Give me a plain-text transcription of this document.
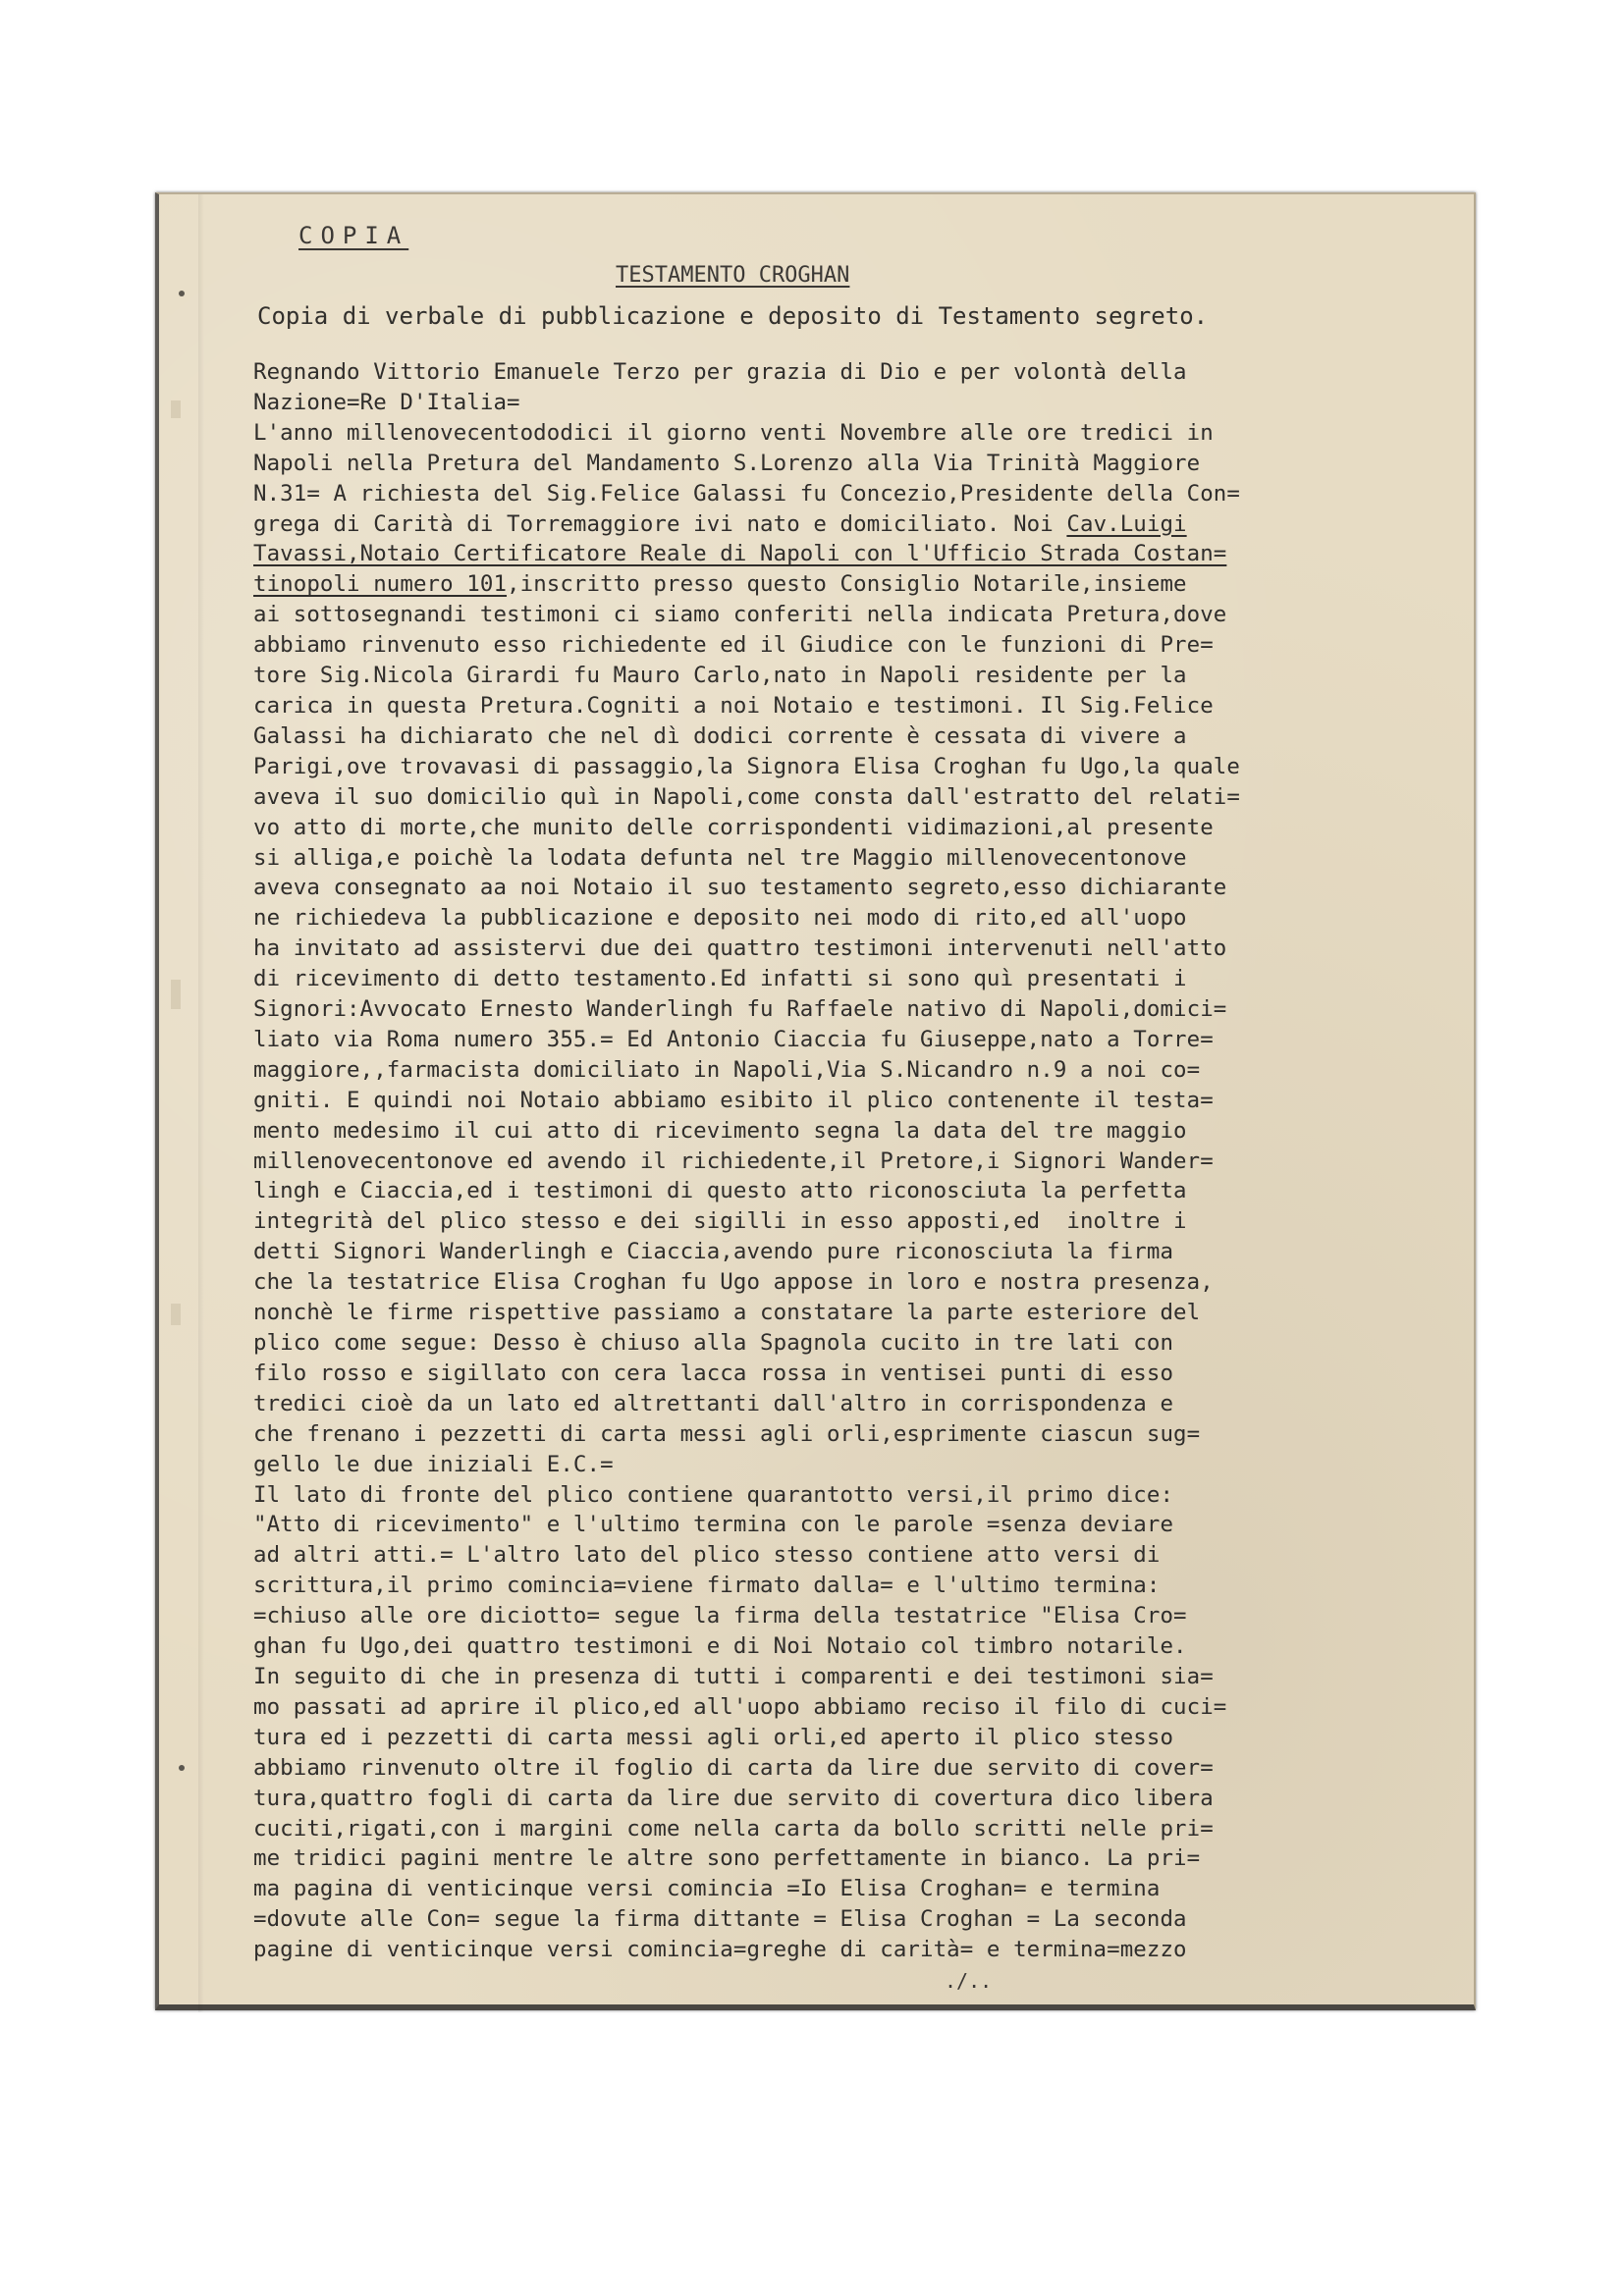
COPIA
TESTAMENTO CROGHAN

Copia di verbale di pubblicazione e deposito di Testamento segreto.

Regnando Vittorio Emanuele Terzo per grazia di Dio e per volontà della
Nazione=Re D'Italia=
L'anno millenovecentododici il giorno venti Novembre alle ore tredici in
Napoli nella Pretura del Mandamento S.Lorenzo alla Via Trinità Maggiore
N.31= A richiesta del Sig.Felice Galassi fu Concezio,Presidente della Con=
grega di Carità di Torremaggiore ivi nato e domiciliato. Noi Cav.Luigi
Tavassi,Notaio Certificatore Reale di Napoli con l'Ufficio Strada Costan=
tinopoli numero 101,inscritto presso questo Consiglio Notarile,insieme
ai sottosegnandi testimoni ci siamo conferiti nella indicata Pretura,dove
abbiamo rinvenuto esso richiedente ed il Giudice con le funzioni di Pre=
tore Sig.Nicola Girardi fu Mauro Carlo,nato in Napoli residente per la
carica in questa Pretura.Cogniti a noi Notaio e testimoni. Il Sig.Felice
Galassi ha dichiarato che nel dì dodici corrente è cessata di vivere a
Parigi,ove trovavasi di passaggio,la Signora Elisa Croghan fu Ugo,la quale
aveva il suo domicilio quì in Napoli,come consta dall'estratto del relati=
vo atto di morte,che munito delle corrispondenti vidimazioni,al presente
si alliga,e poichè la lodata defunta nel tre Maggio millenovecentonove
aveva consegnato aa noi Notaio il suo testamento segreto,esso dichiarante
ne richiedeva la pubblicazione e deposito nei modo di rito,ed all'uopo
ha invitato ad assistervi due dei quattro testimoni intervenuti nell'atto
di ricevimento di detto testamento.Ed infatti si sono quì presentati i
Signori:Avvocato Ernesto Wanderlingh fu Raffaele nativo di Napoli,domici=
liato via Roma numero 355.= Ed Antonio Ciaccia fu Giuseppe,nato a Torre=
maggiore,,farmacista domiciliato in Napoli,Via S.Nicandro n.9 a noi co=
gniti. E quindi noi Notaio abbiamo esibito il plico contenente il testa=
mento medesimo il cui atto di ricevimento segna la data del tre maggio
millenovecentonove ed avendo il richiedente,il Pretore,i Signori Wander=
lingh e Ciaccia,ed i testimoni di questo atto riconosciuta la perfetta
integrità del plico stesso e dei sigilli in esso apposti,ed  inoltre i
detti Signori Wanderlingh e Ciaccia,avendo pure riconosciuta la firma
che la testatrice Elisa Croghan fu Ugo appose in loro e nostra presenza,
nonchè le firme rispettive passiamo a constatare la parte esteriore del
plico come segue: Desso è chiuso alla Spagnola cucito in tre lati con
filo rosso e sigillato con cera lacca rossa in ventisei punti di esso
tredici cioè da un lato ed altrettanti dall'altro in corrispondenza e
che frenano i pezzetti di carta messi agli orli,esprimente ciascun sug=
gello le due iniziali E.C.=
Il lato di fronte del plico contiene quarantotto versi,il primo dice:
"Atto di ricevimento" e l'ultimo termina con le parole =senza deviare
ad altri atti.= L'altro lato del plico stesso contiene atto versi di
scrittura,il primo comincia=viene firmato dalla= e l'ultimo termina:
=chiuso alle ore diciotto= segue la firma della testatrice "Elisa Cro=
ghan fu Ugo,dei quattro testimoni e di Noi Notaio col timbro notarile.
In seguito di che in presenza di tutti i comparenti e dei testimoni sia=
mo passati ad aprire il plico,ed all'uopo abbiamo reciso il filo di cuci=
tura ed i pezzetti di carta messi agli orli,ed aperto il plico stesso
abbiamo rinvenuto oltre il foglio di carta da lire due servito di cover=
tura,quattro fogli di carta da lire due servito di covertura dico libera
cuciti,rigati,con i margini come nella carta da bollo scritti nelle pri=
me tridici pagini mentre le altre sono perfettamente in bianco. La pri=
ma pagina di venticinque versi comincia =Io Elisa Croghan= e termina
=dovute alle Con= segue la firma dittante = Elisa Croghan = La seconda
pagine di venticinque versi comincia=greghe di carità= e termina=mezzo

./..
